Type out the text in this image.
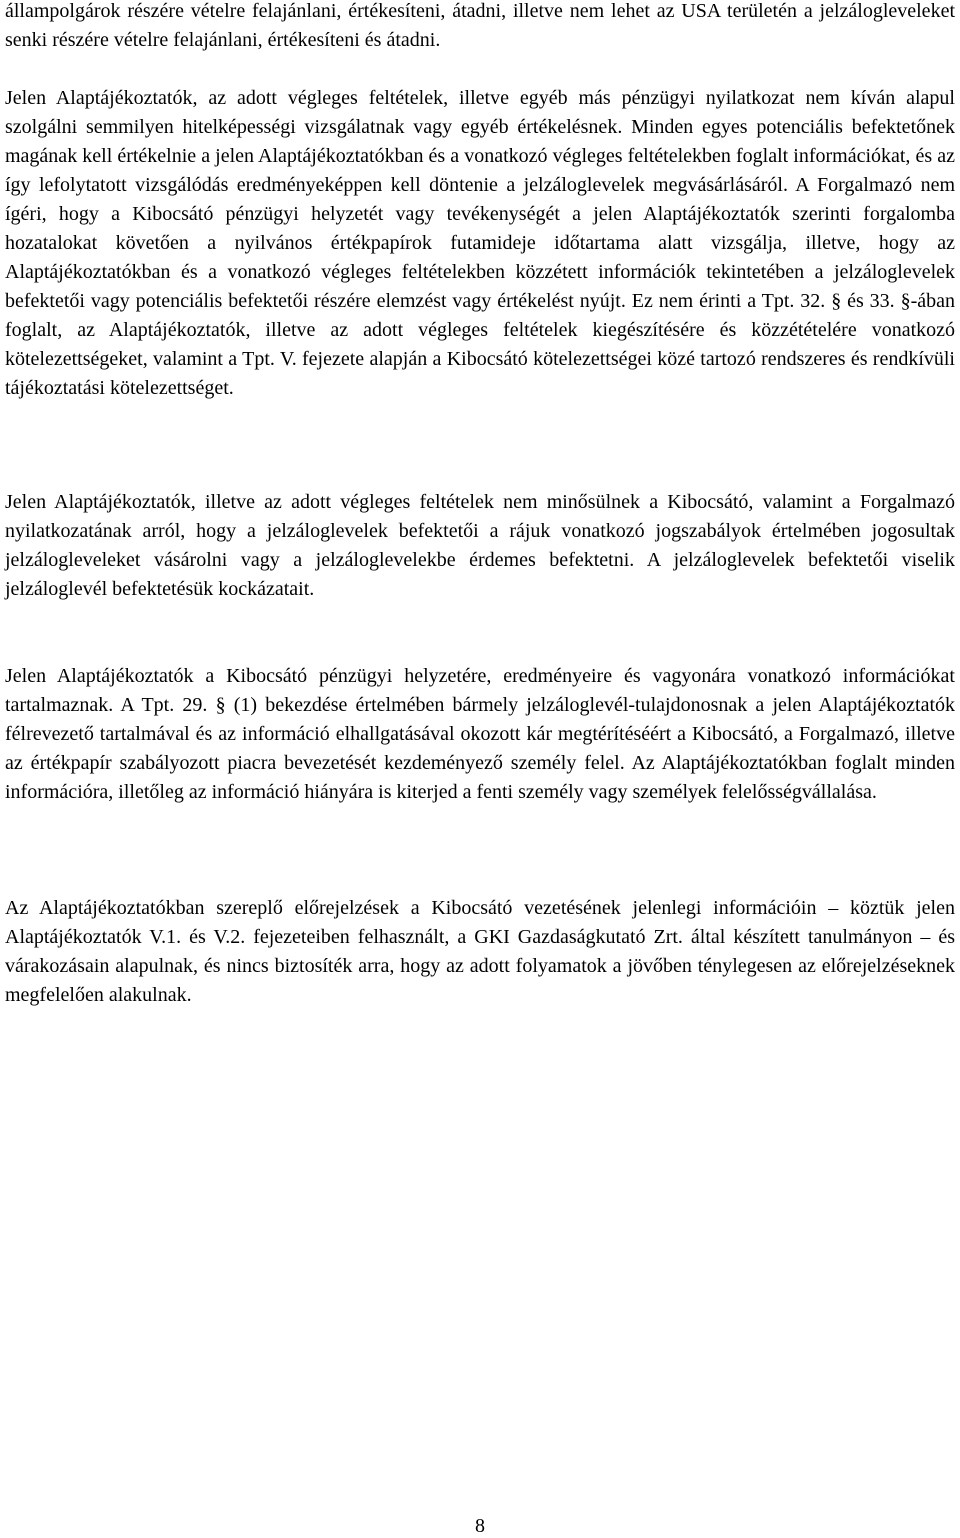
állampolgárok részére vételre felajánlani, értékesíteni, átadni, illetve nem lehet az USA területén a jelzálogleveleket senki részére vételre felajánlani, értékesíteni és átadni.

Jelen Alaptájékoztatók, az adott végleges feltételek, illetve egyéb más pénzügyi nyilatkozat nem kíván alapul szolgálni semmilyen hitelképességi vizsgálatnak vagy egyéb értékelésnek. Minden egyes potenciális befektetőnek magának kell értékelnie a jelen Alaptájékoztatókban és a vonatkozó végleges feltételekben foglalt információkat, és az így lefolytatott vizsgálódás eredményeképpen kell döntenie a jelzáloglevelek megvásárlásáról. A Forgalmazó nem ígéri, hogy a Kibocsátó pénzügyi helyzetét vagy tevékenységét a jelen Alaptájékoztatók szerinti forgalomba hozatalokat követően a nyilvános értékpapírok futamideje időtartama alatt vizsgálja, illetve, hogy az Alaptájékoztatókban és a vonatkozó végleges feltételekben közzétett információk tekintetében a jelzáloglevelek befektetői vagy potenciális befektetői részére elemzést vagy értékelést nyújt. Ez nem érinti a Tpt. 32. § és 33. §-ában foglalt, az Alaptájékoztatók, illetve az adott végleges feltételek kiegészítésére és közzétételére vonatkozó kötelezettségeket, valamint a Tpt. V. fejezete alapján a Kibocsátó kötelezettségei közé tartozó rendszeres és rendkívüli tájékoztatási kötelezettséget.

Jelen Alaptájékoztatók, illetve az adott végleges feltételek nem minősülnek a Kibocsátó, valamint a Forgalmazó nyilatkozatának arról, hogy a jelzáloglevelek befektetői a rájuk vonatkozó jogszabályok értelmében jogosultak jelzálogleveleket vásárolni vagy a jelzáloglevelekbe érdemes befektetni. A jelzáloglevelek befektetői viselik jelzáloglevél befektetésük kockázatait.

Jelen Alaptájékoztatók a Kibocsátó pénzügyi helyzetére, eredményeire és vagyonára vonatkozó információkat tartalmaznak. A Tpt. 29. § (1) bekezdése értelmében bármely jelzáloglevél-tulajdonosnak a jelen Alaptájékoztatók félrevezető tartalmával és az információ elhallgatásával okozott kár megtérítéséért a Kibocsátó, a Forgalmazó, illetve az értékpapír szabályozott piacra bevezetését kezdeményező személy felel. Az Alaptájékoztatókban foglalt minden információra, illetőleg az információ hiányára is kiterjed a fenti személy vagy személyek felelősségvállalása.

Az Alaptájékoztatókban szereplő előrejelzések a Kibocsátó vezetésének jelenlegi információin – köztük jelen Alaptájékoztatók V.1. és V.2. fejezeteiben felhasznált, a GKI Gazdaságkutató Zrt. által készített tanulmányon – és várakozásain alapulnak, és nincs biztosíték arra, hogy az adott folyamatok a jövőben ténylegesen az előrejelzéseknek megfelelően alakulnak.

8
